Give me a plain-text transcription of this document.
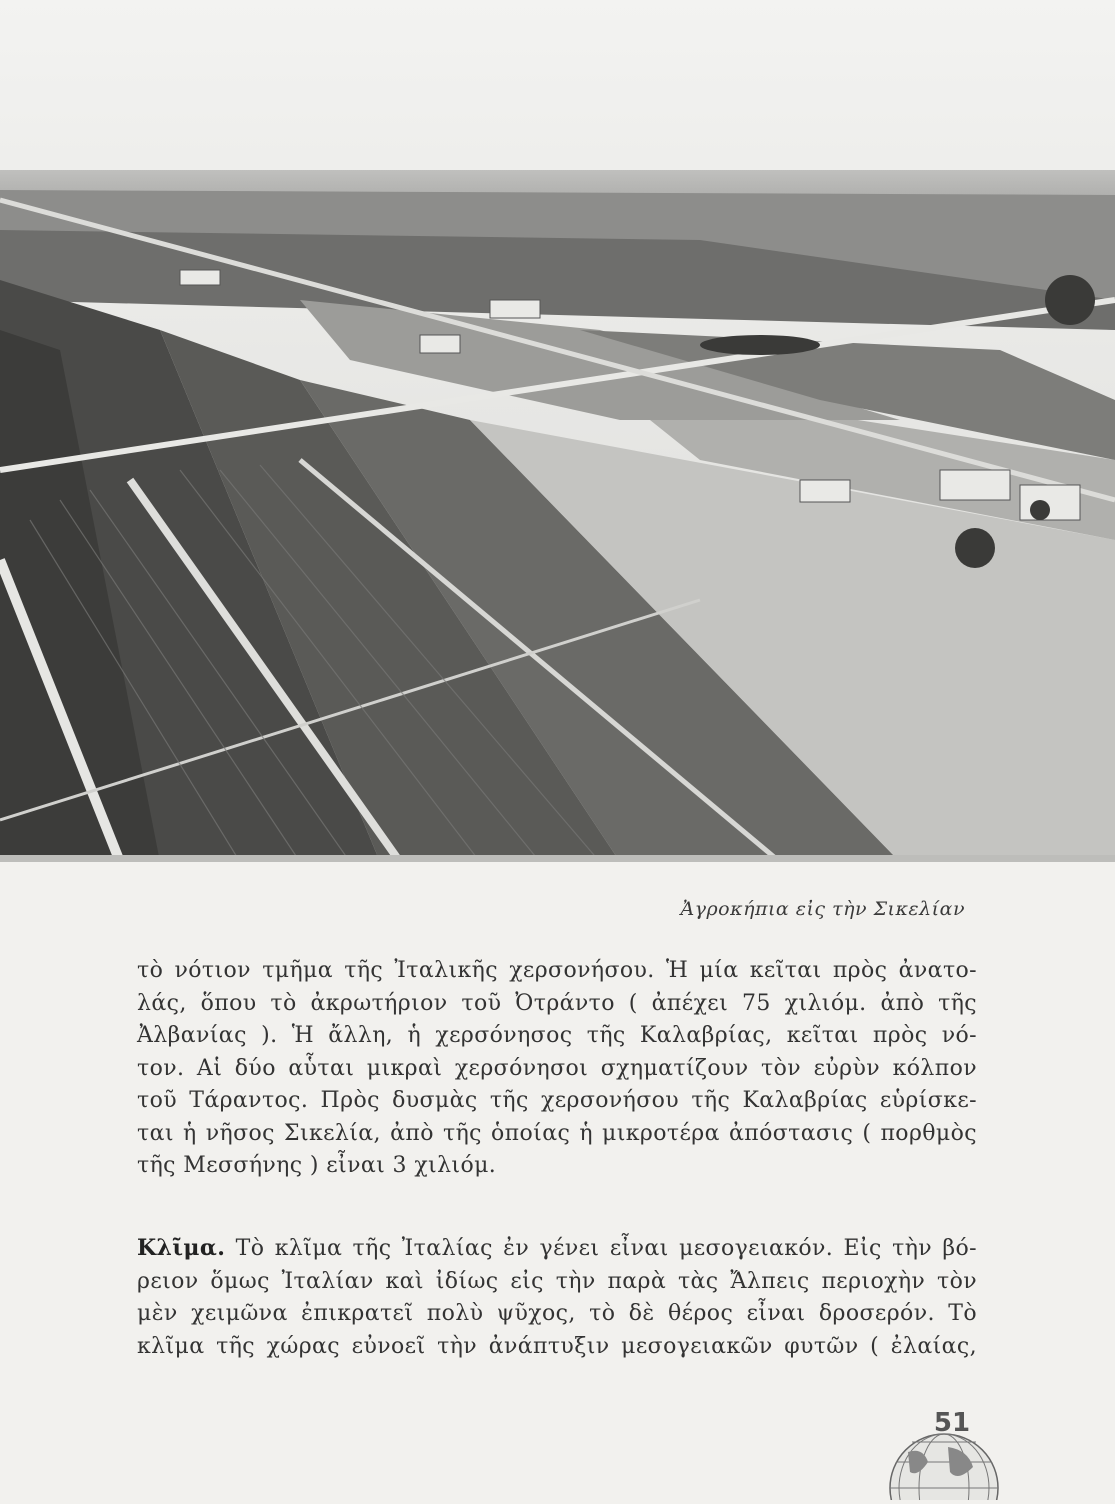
Ἀγροκήπια εἰς τὴν Σικελίαν
τὸ νότιον τμῆμα τῆς Ἰταλικῆς χερσονήσου. Ἡ μία κεῖται πρὸς ἀνατο-
λάς, ὅπου τὸ ἀκρωτήριον τοῦ Ὀτράντο ( ἀπέχει 75 χιλιόμ. ἀπὸ τῆς
Ἀλβανίας ). Ἡ ἄλλη, ἡ χερσόνησος τῆς Καλαβρίας, κεῖται πρὸς νό-
τον. Αἱ δύο αὗται μικραὶ χερσόνησοι σχηματίζουν τὸν εὐρὺν κόλπον
τοῦ Τάραντος. Πρὸς δυσμὰς τῆς χερσονήσου τῆς Καλαβρίας εὑρίσκε-
ται ἡ νῆσος Σικελία, ἀπὸ τῆς ὁποίας ἡ μικροτέρα ἀπόστασις ( πορθμὸς
τῆς Μεσσήνης ) εἶναι 3 χιλιόμ.
Κλῖμα. Τὸ κλῖμα τῆς Ἰταλίας ἐν γένει εἶναι μεσογειακόν. Εἰς τὴν βό-
ρειον ὅμως Ἰταλίαν καὶ ἰδίως εἰς τὴν παρὰ τὰς Ἄλπεις περιοχὴν τὸν
μὲν χειμῶνα ἐπικρατεῖ πολὺ ψῦχος, τὸ δὲ θέρος εἶναι δροσερόν. Τὸ
κλῖμα τῆς χώρας εὐνοεῖ τὴν ἀνάπτυξιν μεσογειακῶν φυτῶν ( ἐλαίας,
51
